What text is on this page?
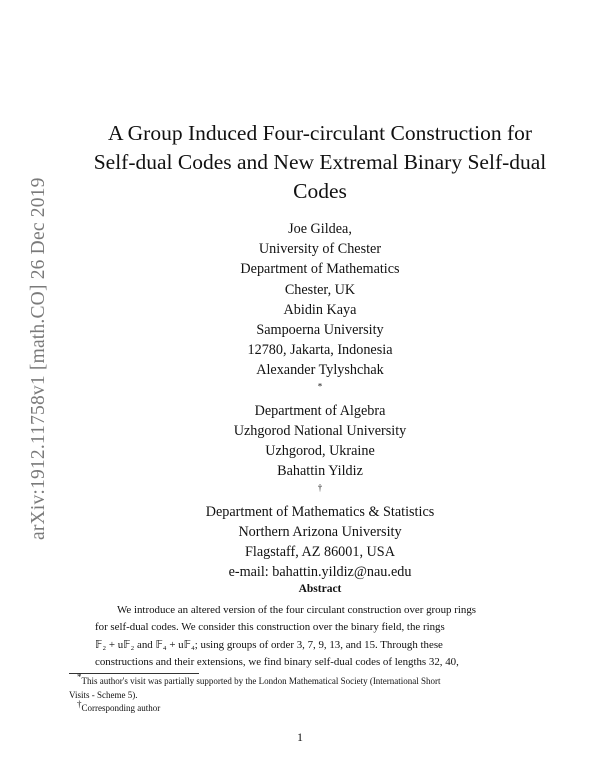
arXiv:1912.11758v1 [math.CO] 26 Dec 2019
A Group Induced Four-circulant Construction for
Self-dual Codes and New Extremal Binary Self-dual
Codes
Joe Gildea,
University of Chester
Department of Mathematics
Chester, UK
Abidin Kaya
Sampoerna University
12780, Jakarta, Indonesia
Alexander Tylyshchak
*
Department of Algebra
Uzhgorod National University
Uzhgorod, Ukraine
Bahattin Yildiz
†
Department of Mathematics & Statistics
Northern Arizona University
Flagstaff, AZ 86001, USA
e-mail: bahattin.yildiz@nau.edu
Abstract
We introduce an altered version of the four circulant construction over group rings
for self-dual codes. We consider this construction over the binary field, the rings
𝔽₂ + u𝔽₂ and 𝔽₄ + u𝔽₄; using groups of order 3, 7, 9, 13, and 15. Through these
constructions and their extensions, we find binary self-dual codes of lengths 32, 40,
*This author's visit was partially supported by the London Mathematical Society (International Short
Visits - Scheme 5).
†Corresponding author
1
